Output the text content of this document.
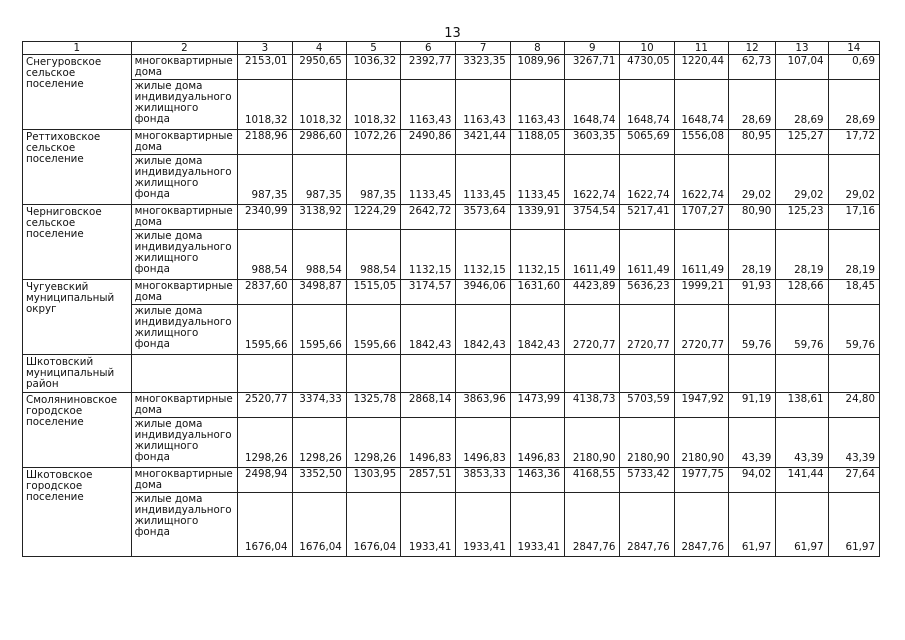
13
1	2	3	4	5	6	7	8	9	10	11	12	13	14
Снегуровское сельское поселение	многоквартирные дома	2153,01	2950,65	1036,32	2392,77	3323,35	1089,96	3267,71	4730,05	1220,44	62,73	107,04	0,69
	жилые дома индивидуального жилищного фонда	1018,32	1018,32	1018,32	1163,43	1163,43	1163,43	1648,74	1648,74	1648,74	28,69	28,69	28,69
Реттиховское сельское поселение	многоквартирные дома	2188,96	2986,60	1072,26	2490,86	3421,44	1188,05	3603,35	5065,69	1556,08	80,95	125,27	17,72
	жилые дома индивидуального жилищного фонда	987,35	987,35	987,35	1133,45	1133,45	1133,45	1622,74	1622,74	1622,74	29,02	29,02	29,02
Черниговское сельское поселение	многоквартирные дома	2340,99	3138,92	1224,29	2642,72	3573,64	1339,91	3754,54	5217,41	1707,27	80,90	125,23	17,16
	жилые дома индивидуального жилищного фонда	988,54	988,54	988,54	1132,15	1132,15	1132,15	1611,49	1611,49	1611,49	28,19	28,19	28,19
Чугуевский муниципальный округ	многоквартирные дома	2837,60	3498,87	1515,05	3174,57	3946,06	1631,60	4423,89	5636,23	1999,21	91,93	128,66	18,45
	жилые дома индивидуального жилищного фонда	1595,66	1595,66	1595,66	1842,43	1842,43	1842,43	2720,77	2720,77	2720,77	59,76	59,76	59,76
Шкотовский муниципальный район													
Смоляниновское городское поселение	многоквартирные дома	2520,77	3374,33	1325,78	2868,14	3863,96	1473,99	4138,73	5703,59	1947,92	91,19	138,61	24,80
	жилые дома индивидуального жилищного фонда	1298,26	1298,26	1298,26	1496,83	1496,83	1496,83	2180,90	2180,90	2180,90	43,39	43,39	43,39
Шкотовское городское поселение	многоквартирные дома	2498,94	3352,50	1303,95	2857,51	3853,33	1463,36	4168,55	5733,42	1977,75	94,02	141,44	27,64
	жилые дома индивидуального жилищного фонда	1676,04	1676,04	1676,04	1933,41	1933,41	1933,41	2847,76	2847,76	2847,76	61,97	61,97	61,97
